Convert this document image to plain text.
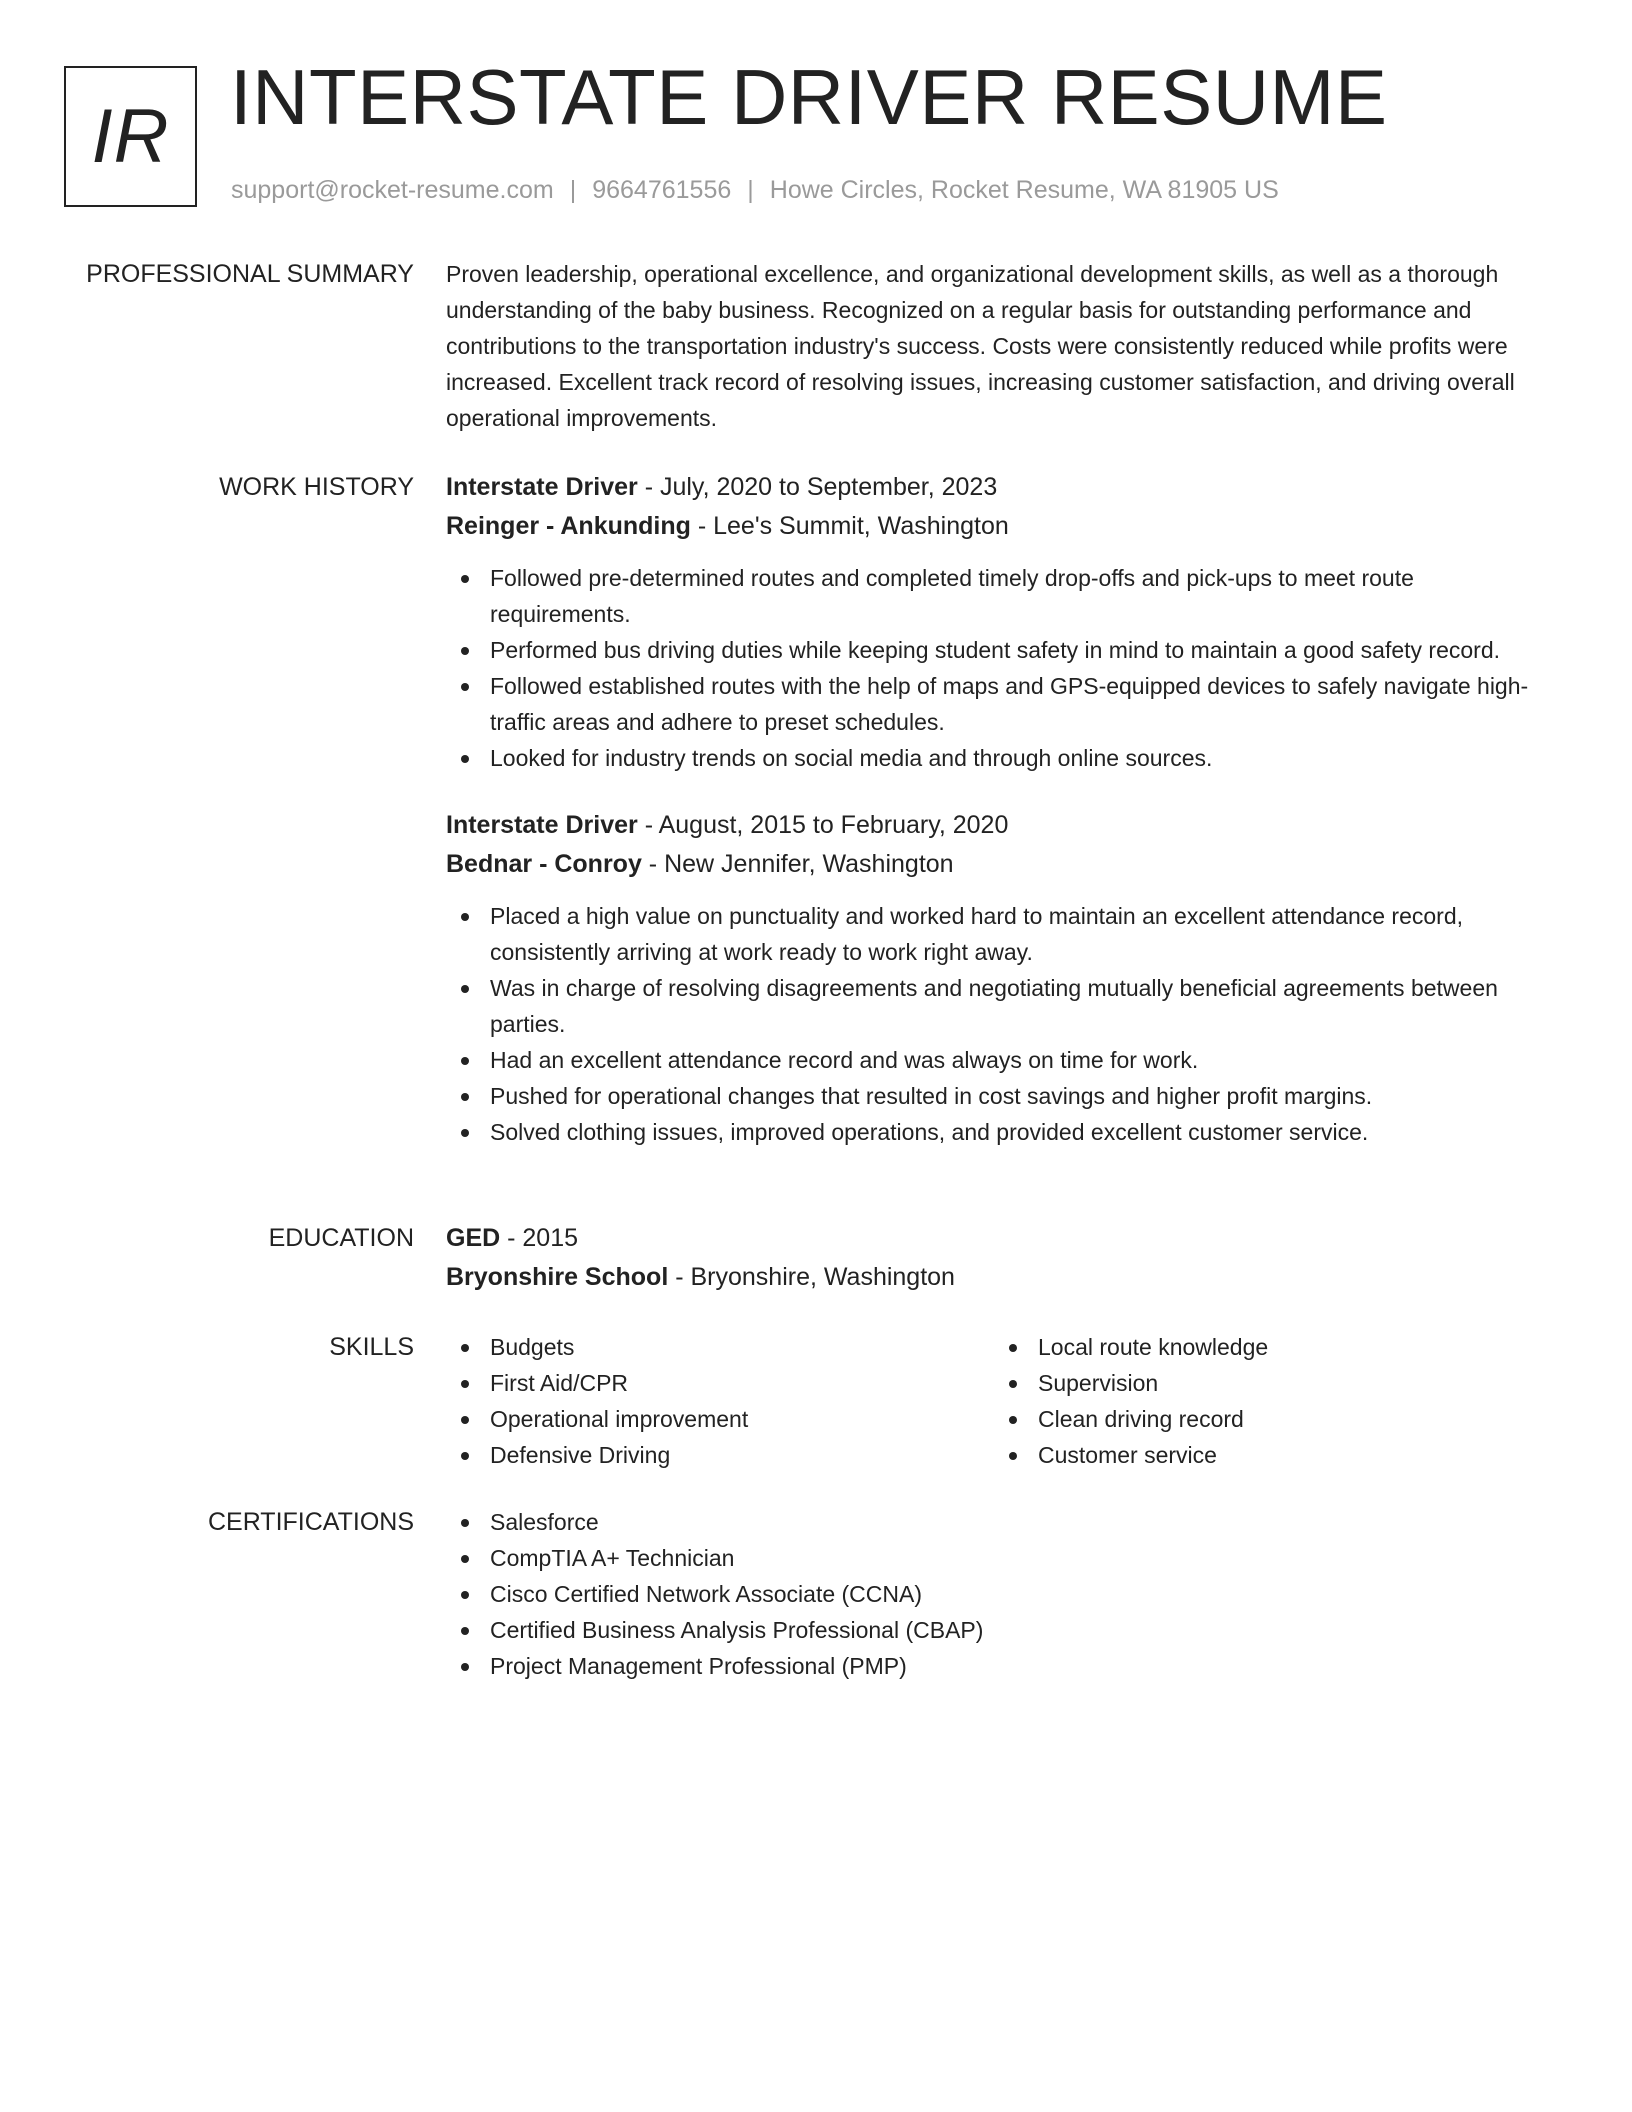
IR INTERSTATE DRIVER RESUME
support@rocket-resume.com | 9664761556 | Howe Circles, Rocket Resume, WA 81905 US
PROFESSIONAL SUMMARY Proven leadership, operational excellence, and organizational development skills, as well as a thorough understanding of the baby business. Recognized on a regular basis for outstanding performance and contributions to the transportation industry's success. Costs were consistently reduced while profits were increased. Excellent track record of resolving issues, increasing customer satisfaction, and driving overall operational improvements.

WORK HISTORY Interstate Driver - July, 2020 to September, 2023
Reinger - Ankunding - Lee's Summit, Washington
Followed pre-determined routes and completed timely drop-offs and pick-ups to meet route requirements.
Performed bus driving duties while keeping student safety in mind to maintain a good safety record.
Followed established routes with the help of maps and GPS-equipped devices to safely navigate high-traffic areas and adhere to preset schedules.
Looked for industry trends on social media and through online sources.
Interstate Driver - August, 2015 to February, 2020
Bednar - Conroy - New Jennifer, Washington
Placed a high value on punctuality and worked hard to maintain an excellent attendance record, consistently arriving at work ready to work right away.
Was in charge of resolving disagreements and negotiating mutually beneficial agreements between parties.
Had an excellent attendance record and was always on time for work.
Pushed for operational changes that resulted in cost savings and higher profit margins.
Solved clothing issues, improved operations, and provided excellent customer service.
EDUCATION GED - 2015
Bryonshire School - Bryonshire, Washington
SKILLS	Budgets
First Aid/CPR
Operational improvement
Defensive Driving
Local route knowledge
Supervision
Clean driving record
Customer service
CERTIFICATIONS	Salesforce
CompTIA A+ Technician
Cisco Certified Network Associate (CCNA)
Certified Business Analysis Professional (CBAP)
Project Management Professional (PMP)
